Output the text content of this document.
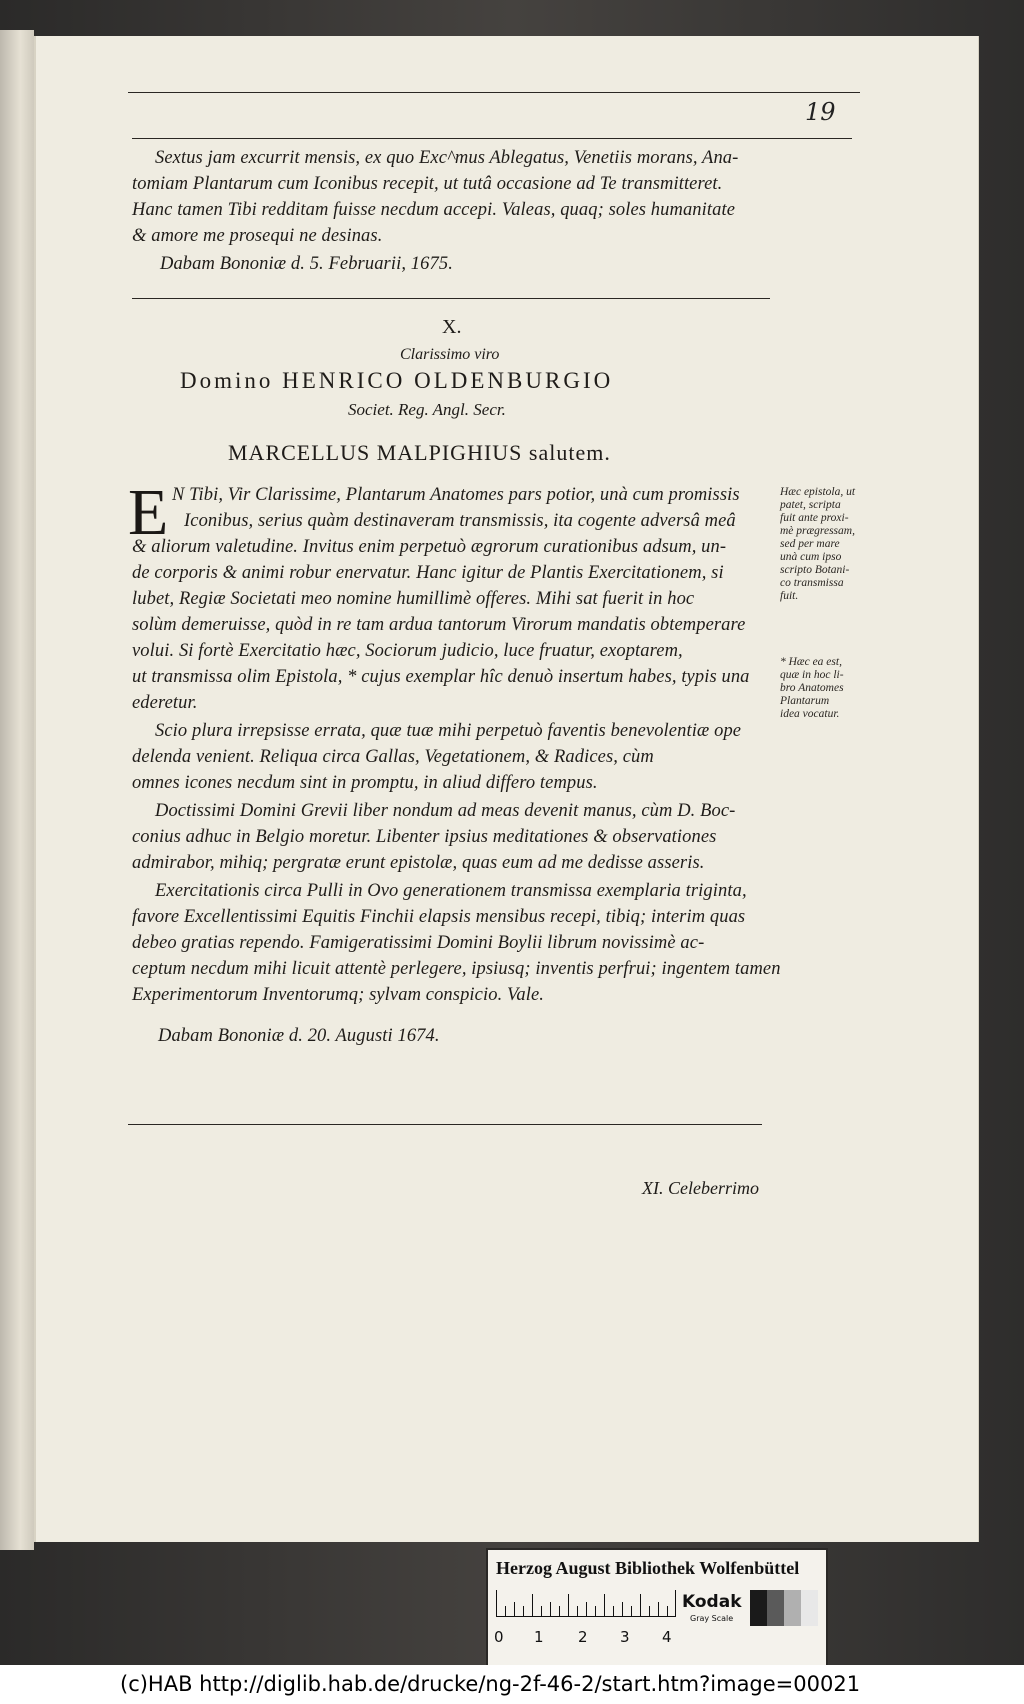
19
Sextus jam excurrit mensis, ex quo Exc^mus Ablegatus, Venetiis morans, Ana-
tomiam Plantarum cum Iconibus recepit, ut tutâ occasione ad Te transmitteret.
Hanc tamen Tibi redditam fuisse necdum accepi. Valeas, quaq; soles humanitate
& amore me prosequi ne desinas.
Dabam Bononiæ d. 5. Februarii, 1675.
X.
Clarissimo viro
Domino HENRICO OLDENBURGIO
Societ. Reg. Angl. Secr.
MARCELLUS MALPIGHIUS salutem.
E N Tibi, Vir Clarissime, Plantarum Anatomes pars potior, unà cum promissis
Iconibus, serius quàm destinaveram transmissis, ita cogente adversâ meâ
& aliorum valetudine. Invitus enim perpetuò ægrorum curationibus adsum, un-
de corporis & animi robur enervatur. Hanc igitur de Plantis Exercitationem, si
lubet, Regiæ Societati meo nomine humillimè offeres. Mihi sat fuerit in hoc
solùm demeruisse, quòd in re tam ardua tantorum Virorum mandatis obtemperare
volui. Si fortè Exercitatio hæc, Sociorum judicio, luce fruatur, exoptarem,
ut transmissa olim Epistola, * cujus exemplar hîc denuò insertum habes, typis una
ederetur.
Scio plura irrepsisse errata, quæ tuæ mihi perpetuò faventis benevolentiæ ope
delenda venient. Reliqua circa Gallas, Vegetationem, & Radices, cùm
omnes icones necdum sint in promptu, in aliud differo tempus.
Doctissimi Domini Grevii liber nondum ad meas devenit manus, cùm D. Boc-
conius adhuc in Belgio moretur. Libenter ipsius meditationes & observationes
admirabor, mihiq; pergratæ erunt epistolæ, quas eum ad me dedisse asseris.
Exercitationis circa Pulli in Ovo generationem transmissa exemplaria triginta,
favore Excellentissimi Equitis Finchii elapsis mensibus recepi, tibiq; interim quas
debeo gratias rependo. Famigeratissimi Domini Boylii librum novissimè ac-
ceptum necdum mihi licuit attentè perlegere, ipsiusq; inventis perfrui; ingentem tamen
Experimentorum Inventorumq; sylvam conspicio. Vale.
Dabam Bononiæ d. 20. Augusti 1674.
Hæc epistola, ut
patet, scripta
fuit ante proxi-
mè prægressam,
sed per mare
unà cum ipso
scripto Botani-
co transmissa
fuit.
* Hæc ea est,
quæ in hoc li-
bro Anatomes
Plantarum
idea vocatur.
XI. Celeberrimo
Herzog August Bibliothek Wolfenbüttel
0 1 2 3 4
Kodak
Gray Scale
(c)HAB http://diglib.hab.de/drucke/ng-2f-46-2/start.htm?image=00021
